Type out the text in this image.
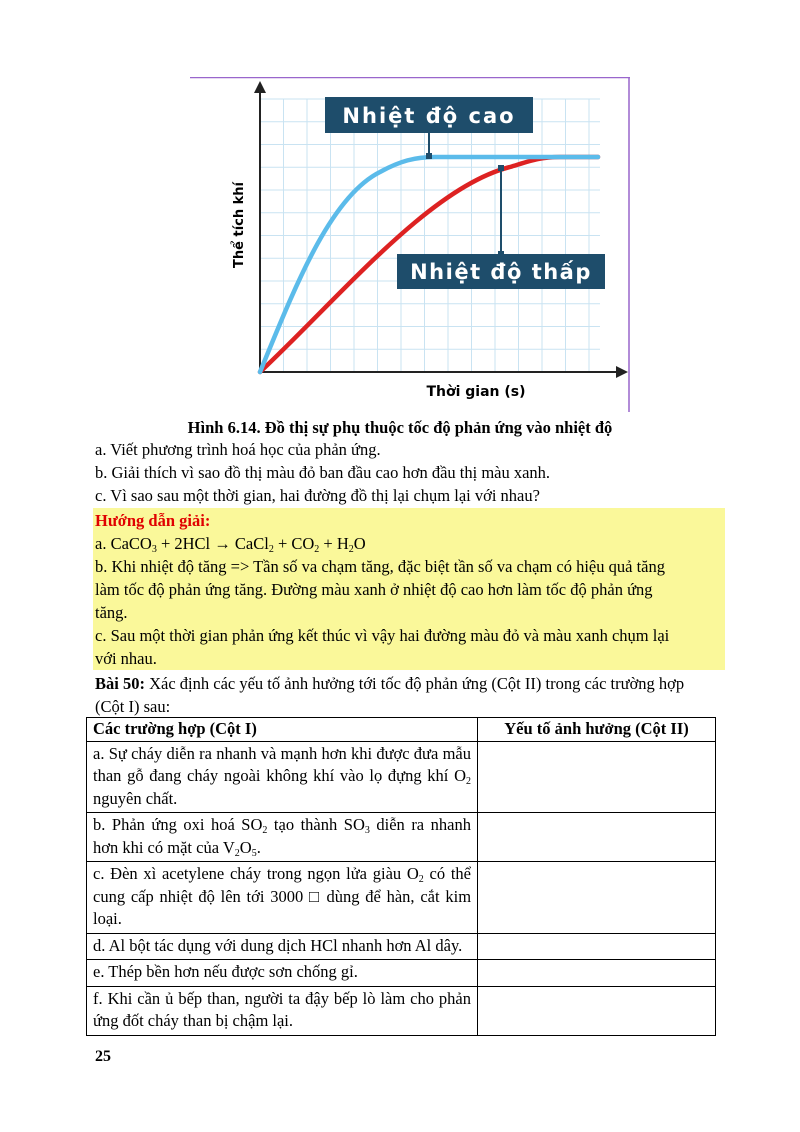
Nhiệt độ cao
Nhiệt độ thấp
Thể tích khí
Thời gian (s)
Hình 6.14. Đồ thị sự phụ thuộc tốc độ phản ứng vào nhiệt độ
a. Viết phương trình hoá học của phản ứng.
b. Giải thích vì sao đồ thị màu đỏ ban đầu cao hơn đầu thị màu xanh.
c. Vì sao sau một thời gian, hai đường đồ thị lại chụm lại với nhau?
Hướng dẫn giải:
a. CaCO$_3$ + 2HCl → CaCl$_2$ + $CO_2 + H_2O$
b. Khi nhiệt độ tăng => Tần số va chạm tăng, đặc biệt tần số va chạm có hiệu quả tăng
làm tốc độ phản ứng tăng. Đường màu xanh ở nhiệt độ cao hơn làm tốc độ phản ứng
tăng.
c. Sau một thời gian phản ứng kết thúc vì vậy hai đường màu đỏ và màu xanh chụm lại
với nhau.
Bài 50: Xác định các yếu tố ảnh hưởng tới tốc độ phản ứng (Cột II) trong các trường hợp
(Cột I) sau:
Các trường hợp (Cột I)	Yếu tố ảnh hưởng (Cột II)
a. Sự cháy diễn ra nhanh và mạnh hơn khi được đưa mẫu than gỗ đang cháy ngoài không khí vào lọ đựng khí $O_2$ nguyên chất.	
b. Phản ứng oxi hoá $SO_2$ tạo thành $SO_3$ diễn ra nhanh hơn khi có mặt của $V_2O_5$.	
c. Đèn xì acetylene cháy trong ngọn lửa giàu $O_2$ có thể cung cấp nhiệt độ lên tới 3000 □ dùng để hàn, cắt kim loại.	
d. Al bột tác dụng với dung dịch HCl nhanh hơn Al dây.	
e. Thép bền hơn nếu được sơn chống gỉ.	
f. Khi cần ủ bếp than, người ta đậy bếp lò làm cho phản ứng đốt cháy than bị chậm lại.	
25
